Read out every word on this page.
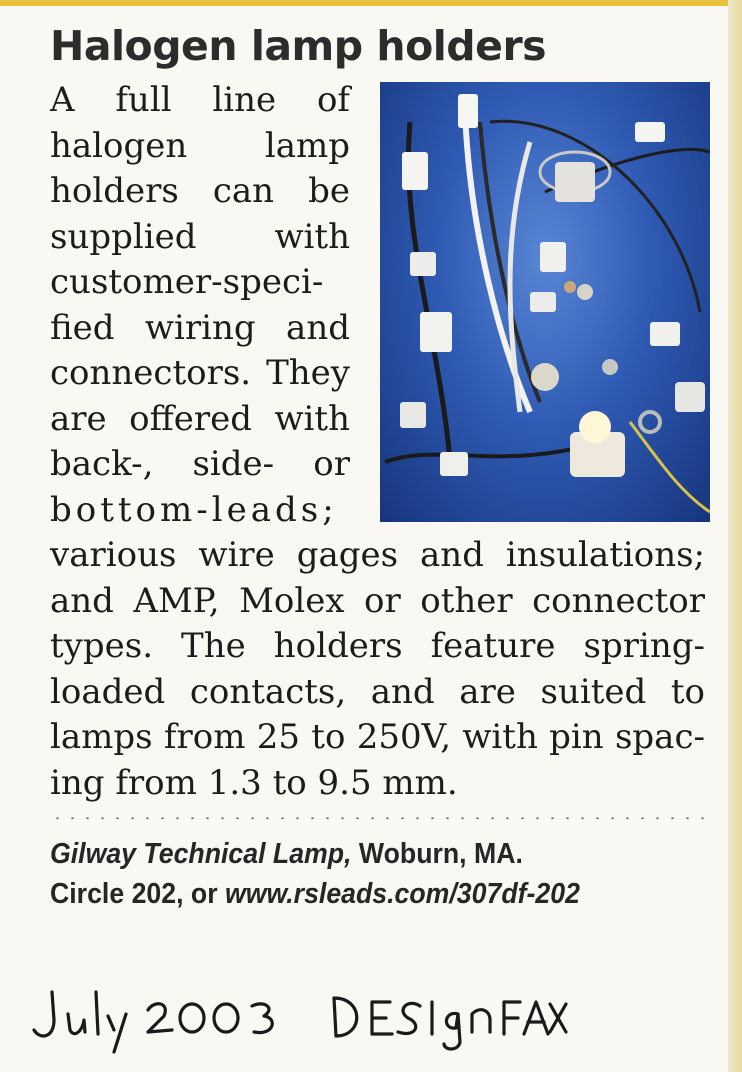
Halogen lamp holders

A full line of
halogen lamp
holders can be
supplied with
customer-speci-
fied wiring and
connectors. They
are offered with
back-, side- or
bottom-leads;

various wire gages and insulations;
and AMP, Molex or other connector
types. The holders feature spring-
loaded contacts, and are suited to
lamps from 25 to 250V, with pin spac-
ing from 1.3 to 9.5 mm.

Gilway Technical Lamp, Woburn, MA.
Circle 202, or www.rsleads.com/307df-202
